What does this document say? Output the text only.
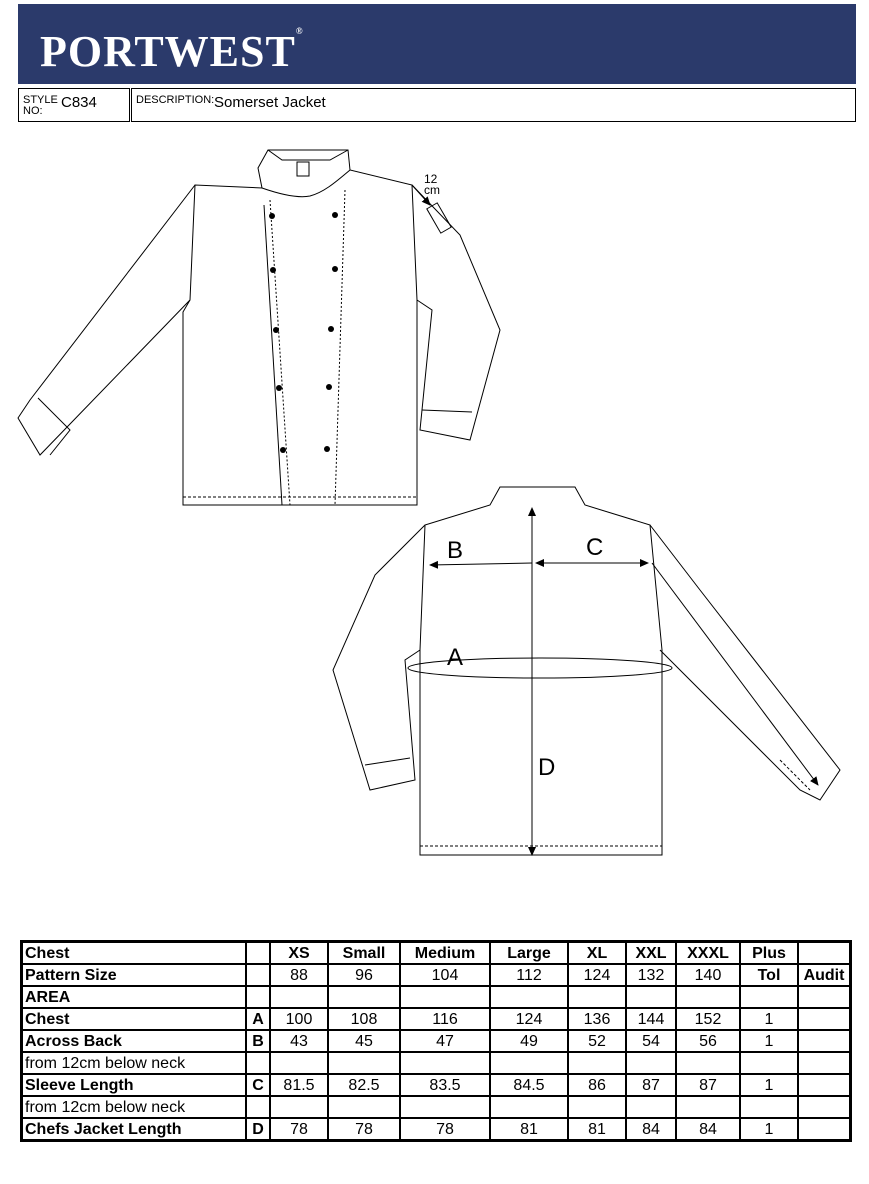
PORTWEST®
STYLE NO:	C834	DESCRIPTION: Somerset Jacket
12
cm
B	C
A
D
Chest		XS	Small	Medium	Large	XL	XXL	XXXL	Plus	
Pattern Size		88	96	104	112	124	132	140	Tol	Audit
AREA										
Chest	A	100	108	116	124	136	144	152	1	
Across Back	B	43	45	47	49	52	54	56	1	
from 12cm below neck										
Sleeve Length	C	81.5	82.5	83.5	84.5	86	87	87	1	
from 12cm below neck										
Chefs Jacket Length	D	78	78	78	81	81	84	84	1	
